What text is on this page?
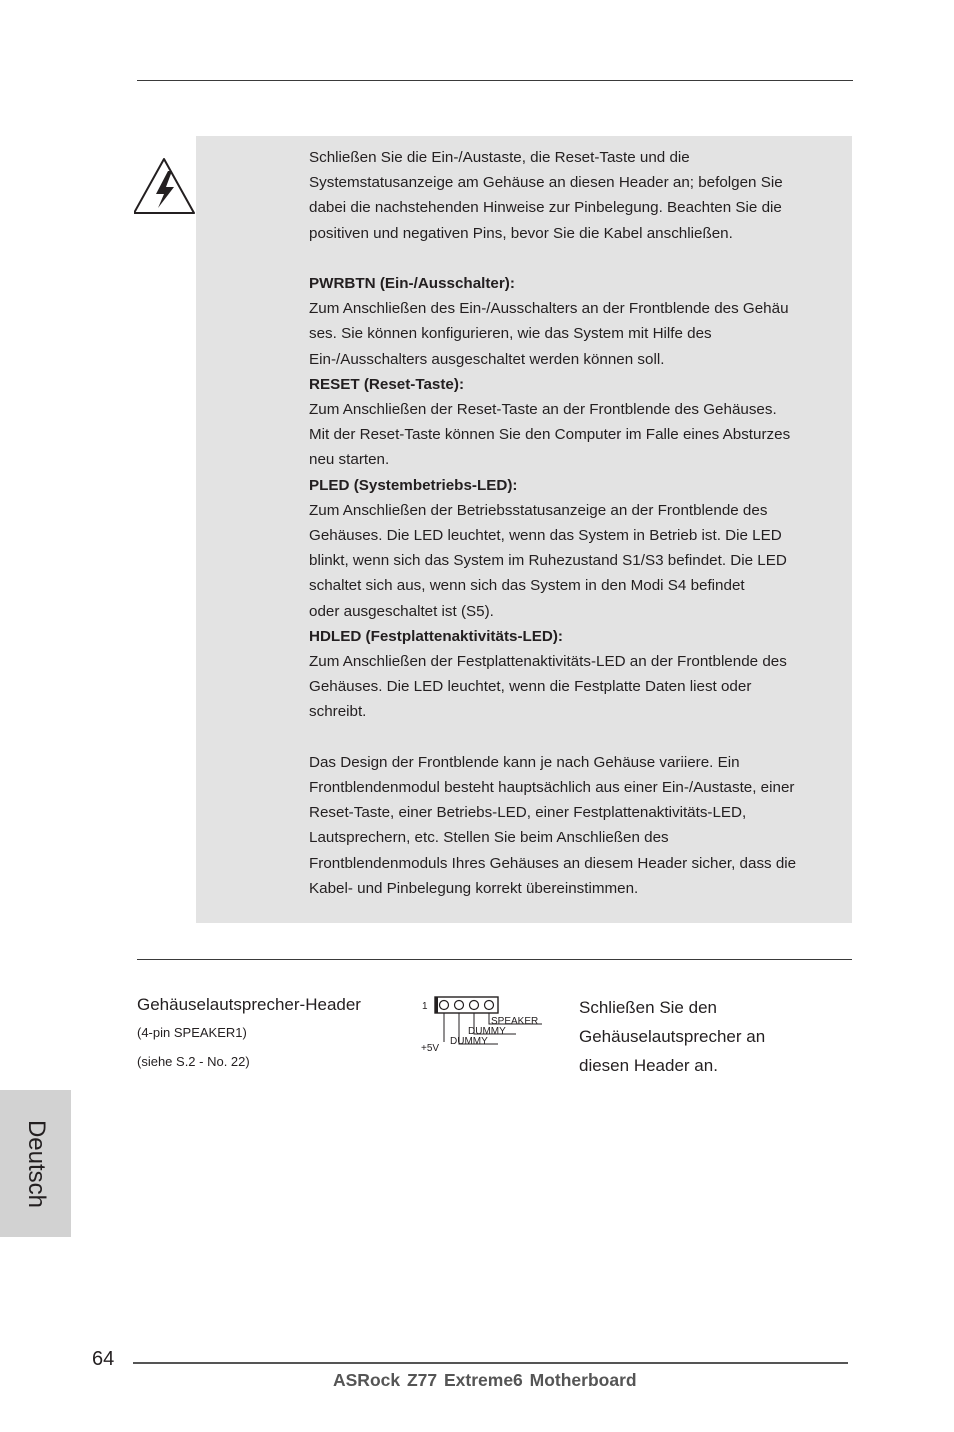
Schließen Sie die Ein-/Austaste, die Reset-Taste und die

Systemstatusanzeige am Gehäuse an diesen Header an; befolgen Sie

dabei die nachstehenden Hinweise zur Pinbelegung. Beachten Sie die

positiven und negativen Pins, bevor Sie die Kabel anschließen.

PWRBTN (Ein-/Ausschalter):

Zum Anschließen des Ein-/Ausschalters an der Frontblende des Gehäu

ses. Sie können konfigurieren, wie das System mit Hilfe des

Ein-/Ausschalters ausgeschaltet werden können soll.

RESET (Reset-Taste):

Zum Anschließen der Reset-Taste an der Frontblende des Gehäuses.

Mit der Reset-Taste können Sie den Computer im Falle eines Absturzes

neu starten.

PLED (Systembetriebs-LED):

Zum Anschließen der Betriebsstatusanzeige an der Frontblende des

Gehäuses. Die LED leuchtet, wenn das System in Betrieb ist. Die LED

blinkt, wenn sich das System im Ruhezustand S1/S3 befindet. Die LED

schaltet sich aus, wenn sich das System in den Modi S4 befindet

oder ausgeschaltet ist (S5).

HDLED (Festplattenaktivitäts-LED):

Zum Anschließen der Festplattenaktivitäts-LED an der Frontblende des

Gehäuses. Die LED leuchtet, wenn die Festplatte Daten liest oder

schreibt.

Das Design der Frontblende kann je nach Gehäuse variiere. Ein

Frontblendenmodul besteht hauptsächlich aus einer Ein-/Austaste, einer

Reset-Taste, einer Betriebs-LED, einer Festplattenaktivitäts-LED,

Lautsprechern, etc. Stellen Sie beim Anschließen des

Frontblendenmoduls Ihres Gehäuses an diesem Header sicher, dass die

Kabel- und Pinbelegung korrekt übereinstimmen.

Gehäuselautsprecher-Header
(4-pin SPEAKER1)
(siehe S.2 - No. 22)
1
SPEAKER
DUMMY
DUMMY
+5V
Schließen Sie den
Gehäuselautsprecher an
diesen Header an.
Deutsch
64
ASRock Z77 Extreme6 Motherboard
